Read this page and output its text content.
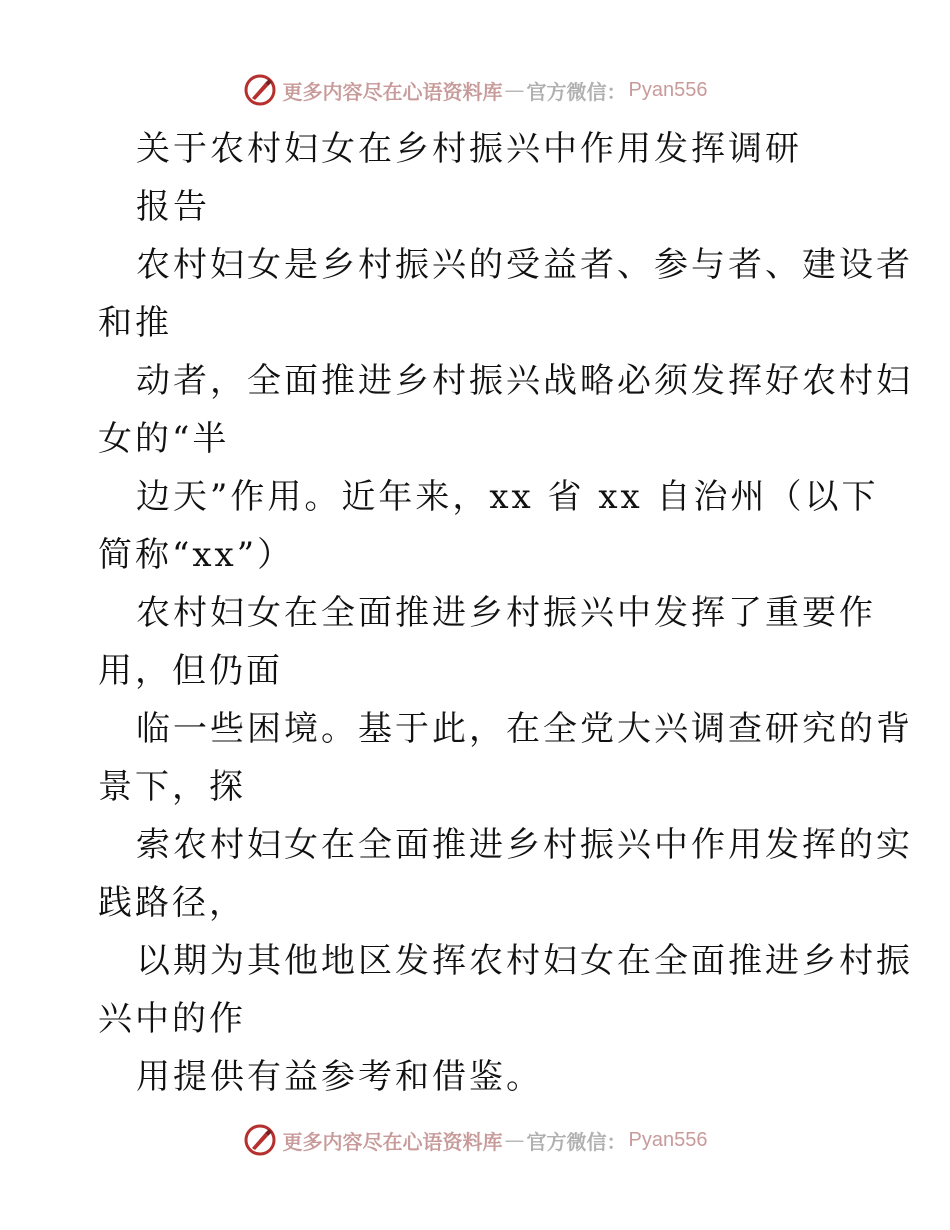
更多内容尽在心语资料库 — 官方微信： Pyan556
关于农村妇女在乡村振兴中作用发挥调研
报告
农村妇女是乡村振兴的受益者、参与者、建设者
和推
动者，全面推进乡村振兴战略必须发挥好农村妇
女的“半
边天”作用。近年来，xx 省 xx 自治州（以下
简称“xx”）
农村妇女在全面推进乡村振兴中发挥了重要作
用，但仍面
临一些困境。基于此，在全党大兴调查研究的背
景下，探
索农村妇女在全面推进乡村振兴中作用发挥的实
践路径，
以期为其他地区发挥农村妇女在全面推进乡村振
兴中的作
用提供有益参考和借鉴。
更多内容尽在心语资料库 — 官方微信： Pyan556
